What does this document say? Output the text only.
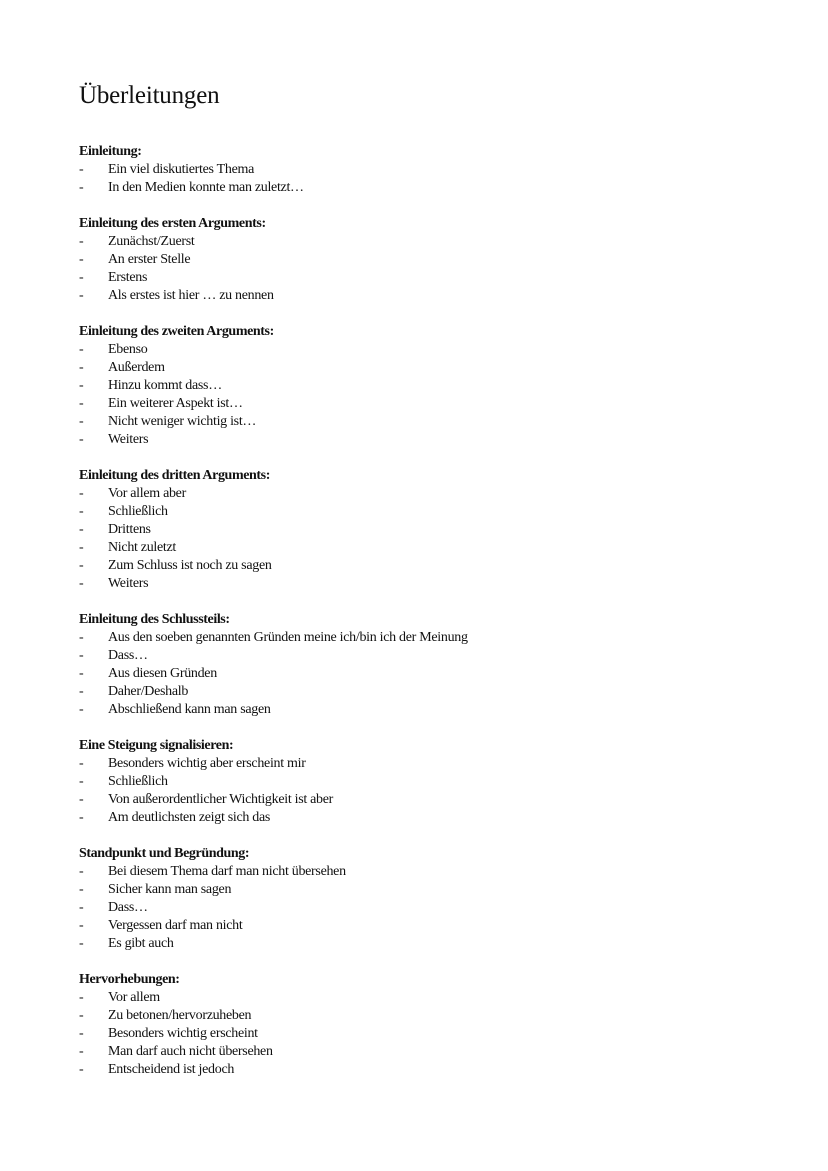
Überleitungen
Einleitung:
-	Ein viel diskutiertes Thema
-	In den Medien konnte man zuletzt…
Einleitung des ersten Arguments:
-	Zunächst/Zuerst
-	An erster Stelle
-	Erstens
-	Als erstes ist hier … zu nennen
Einleitung des zweiten Arguments:
-	Ebenso
-	Außerdem
-	Hinzu kommt dass…
-	Ein weiterer Aspekt ist…
-	Nicht weniger wichtig ist…
-	Weiters
Einleitung des dritten Arguments:
-	Vor allem aber
-	Schließlich
-	Drittens
-	Nicht zuletzt
-	Zum Schluss ist noch zu sagen
-	Weiters
Einleitung des Schlussteils:
-	Aus den soeben genannten Gründen meine ich/bin ich der Meinung
-	Dass…
-	Aus diesen Gründen
-	Daher/Deshalb
-	Abschließend kann man sagen
Eine Steigung signalisieren:
-	Besonders wichtig aber erscheint mir
-	Schließlich
-	Von außerordentlicher Wichtigkeit ist aber
-	Am deutlichsten zeigt sich das
Standpunkt und Begründung:
-	Bei diesem Thema darf man nicht übersehen
-	Sicher kann man sagen
-	Dass…
-	Vergessen darf man nicht
-	Es gibt auch
Hervorhebungen:
-	Vor allem
-	Zu betonen/hervorzuheben
-	Besonders wichtig erscheint
-	Man darf auch nicht übersehen
-	Entscheidend ist jedoch
